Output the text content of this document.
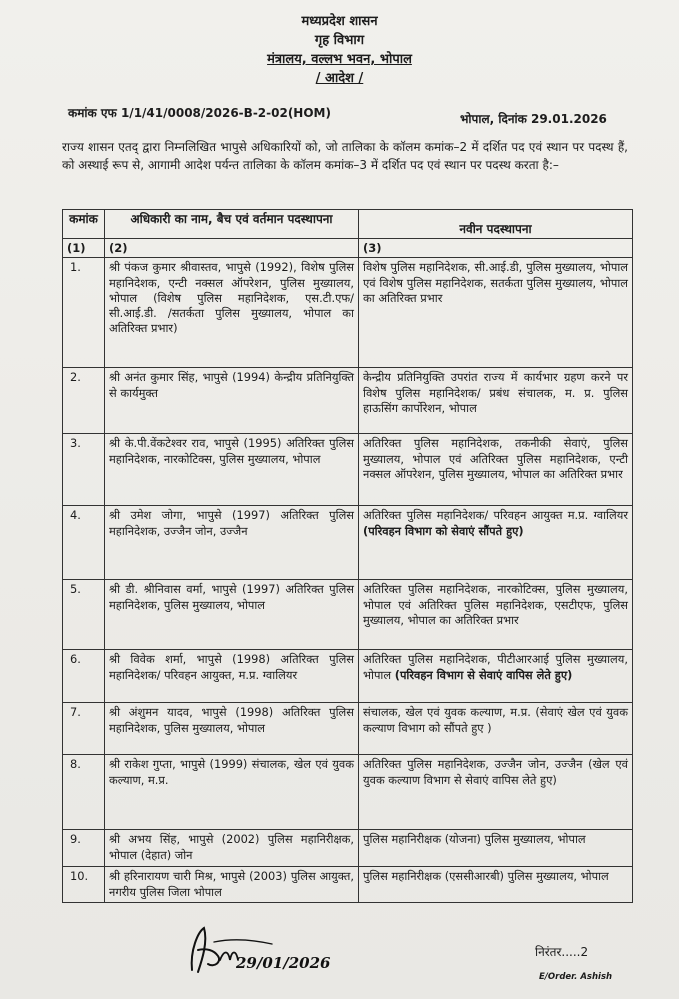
मध्यप्रदेश शासन
गृह विभाग
मंत्रालय, वल्लभ भवन, भोपाल
/ आदेश /
कमांक एफ 1/1/41/0008/2026-B-2-02(HOM)	भोपाल, दिनांक 29.01.2026
राज्य शासन एतद् द्वारा निम्नलिखित भापुसे अधिकारियों को, जो तालिका के कॉलम कमांक–2 में दर्शित पद एवं स्थान पर पदस्थ हैं, को अस्थाई रूप से, आगामी आदेश पर्यन्त तालिका के कॉलम कमांक–3 में दर्शित पद एवं स्थान पर पदस्थ करता है:–
कमांक	अधिकारी का नाम, बैच एवं वर्तमान पदस्थापना	नवीन पदस्थापना
(1)	(2)	(3)
1.	श्री पंकज कुमार श्रीवास्तव, भापुसे (1992), विशेष पुलिस महानिदेशक, एन्टी नक्सल ऑपरेशन, पुलिस मुख्यालय, भोपाल (विशेष पुलिस महानिदेशक, एस.टी.एफ/ सी.आई.डी. /सतर्कता पुलिस मुख्यालय, भोपाल का अतिरिक्त प्रभार)	विशेष पुलिस महानिदेशक, सी.आई.डी, पुलिस मुख्यालय, भोपाल एवं विशेष पुलिस महानिदेशक, सतर्कता पुलिस मुख्यालय, भोपाल का अतिरिक्त प्रभार
2.	श्री अनंत कुमार सिंह, भापुसे (1994) केन्द्रीय प्रतिनियुक्ति से कार्यमुक्त	केन्द्रीय प्रतिनियुक्ति उपरांत राज्य में कार्यभार ग्रहण करने पर विशेष पुलिस महानिदेशक/ प्रबंध संचालक, म. प्र. पुलिस हाऊसिंग कार्पोरेशन, भोपाल
3.	श्री के.पी.वेंकटेश्वर राव, भापुसे (1995) अतिरिक्त पुलिस महानिदेशक, नारकोटिक्स, पुलिस मुख्यालय, भोपाल	अतिरिक्त पुलिस महानिदेशक, तकनीकी सेवाएं, पुलिस मुख्यालय, भोपाल एवं अतिरिक्त पुलिस महानिदेशक, एन्टी नक्सल ऑपरेशन, पुलिस मुख्यालय, भोपाल का अतिरिक्त प्रभार
4.	श्री उमेश जोगा, भापुसे (1997) अतिरिक्त पुलिस महानिदेशक, उज्जैन जोन, उज्जैन	अतिरिक्त पुलिस महानिदेशक/ परिवहन आयुक्त म.प्र. ग्वालियर (परिवहन विभाग को सेवाएं सौंपते हुए)
5.	श्री डी. श्रीनिवास वर्मा, भापुसे (1997) अतिरिक्त पुलिस महानिदेशक, पुलिस मुख्यालय, भोपाल	अतिरिक्त पुलिस महानिदेशक, नारकोटिक्स, पुलिस मुख्यालय, भोपाल एवं अतिरिक्त पुलिस महानिदेशक, एसटीएफ, पुलिस मुख्यालय, भोपाल का अतिरिक्त प्रभार
6.	श्री विवेक शर्मा, भापुसे (1998) अतिरिक्त पुलिस महानिदेशक/ परिवहन आयुक्त, म.प्र. ग्वालियर	अतिरिक्त पुलिस महानिदेशक, पीटीआरआई पुलिस मुख्यालय, भोपाल (परिवहन विभाग से सेवाएं वापिस लेते हुए)
7.	श्री अंशुमन यादव, भापुसे (1998) अतिरिक्त पुलिस महानिदेशक, पुलिस मुख्यालय, भोपाल	संचालक, खेल एवं युवक कल्याण, म.प्र. (सेवाएं खेल एवं युवक कल्याण विभाग को सौंपते हुए )
8.	श्री राकेश गुप्ता, भापुसे (1999) संचालक, खेल एवं युवक कल्याण, म.प्र.	अतिरिक्त पुलिस महानिदेशक, उज्जैन जोन, उज्जैन (खेल एवं युवक कल्याण विभाग से सेवाएं वापिस लेते हुए)
9.	श्री अभय सिंह, भापुसे (2002) पुलिस महानिरीक्षक, भोपाल (देहात) जोन	पुलिस महानिरीक्षक (योजना) पुलिस मुख्यालय, भोपाल
10.	श्री हरिनारायण चारी मिश्र, भापुसे (2003) पुलिस आयुक्त, नगरीय पुलिस जिला भोपाल	पुलिस महानिरीक्षक (एससीआरबी) पुलिस मुख्यालय, भोपाल
29/01/2026
निरंतर.....2
E/Order. Ashish
